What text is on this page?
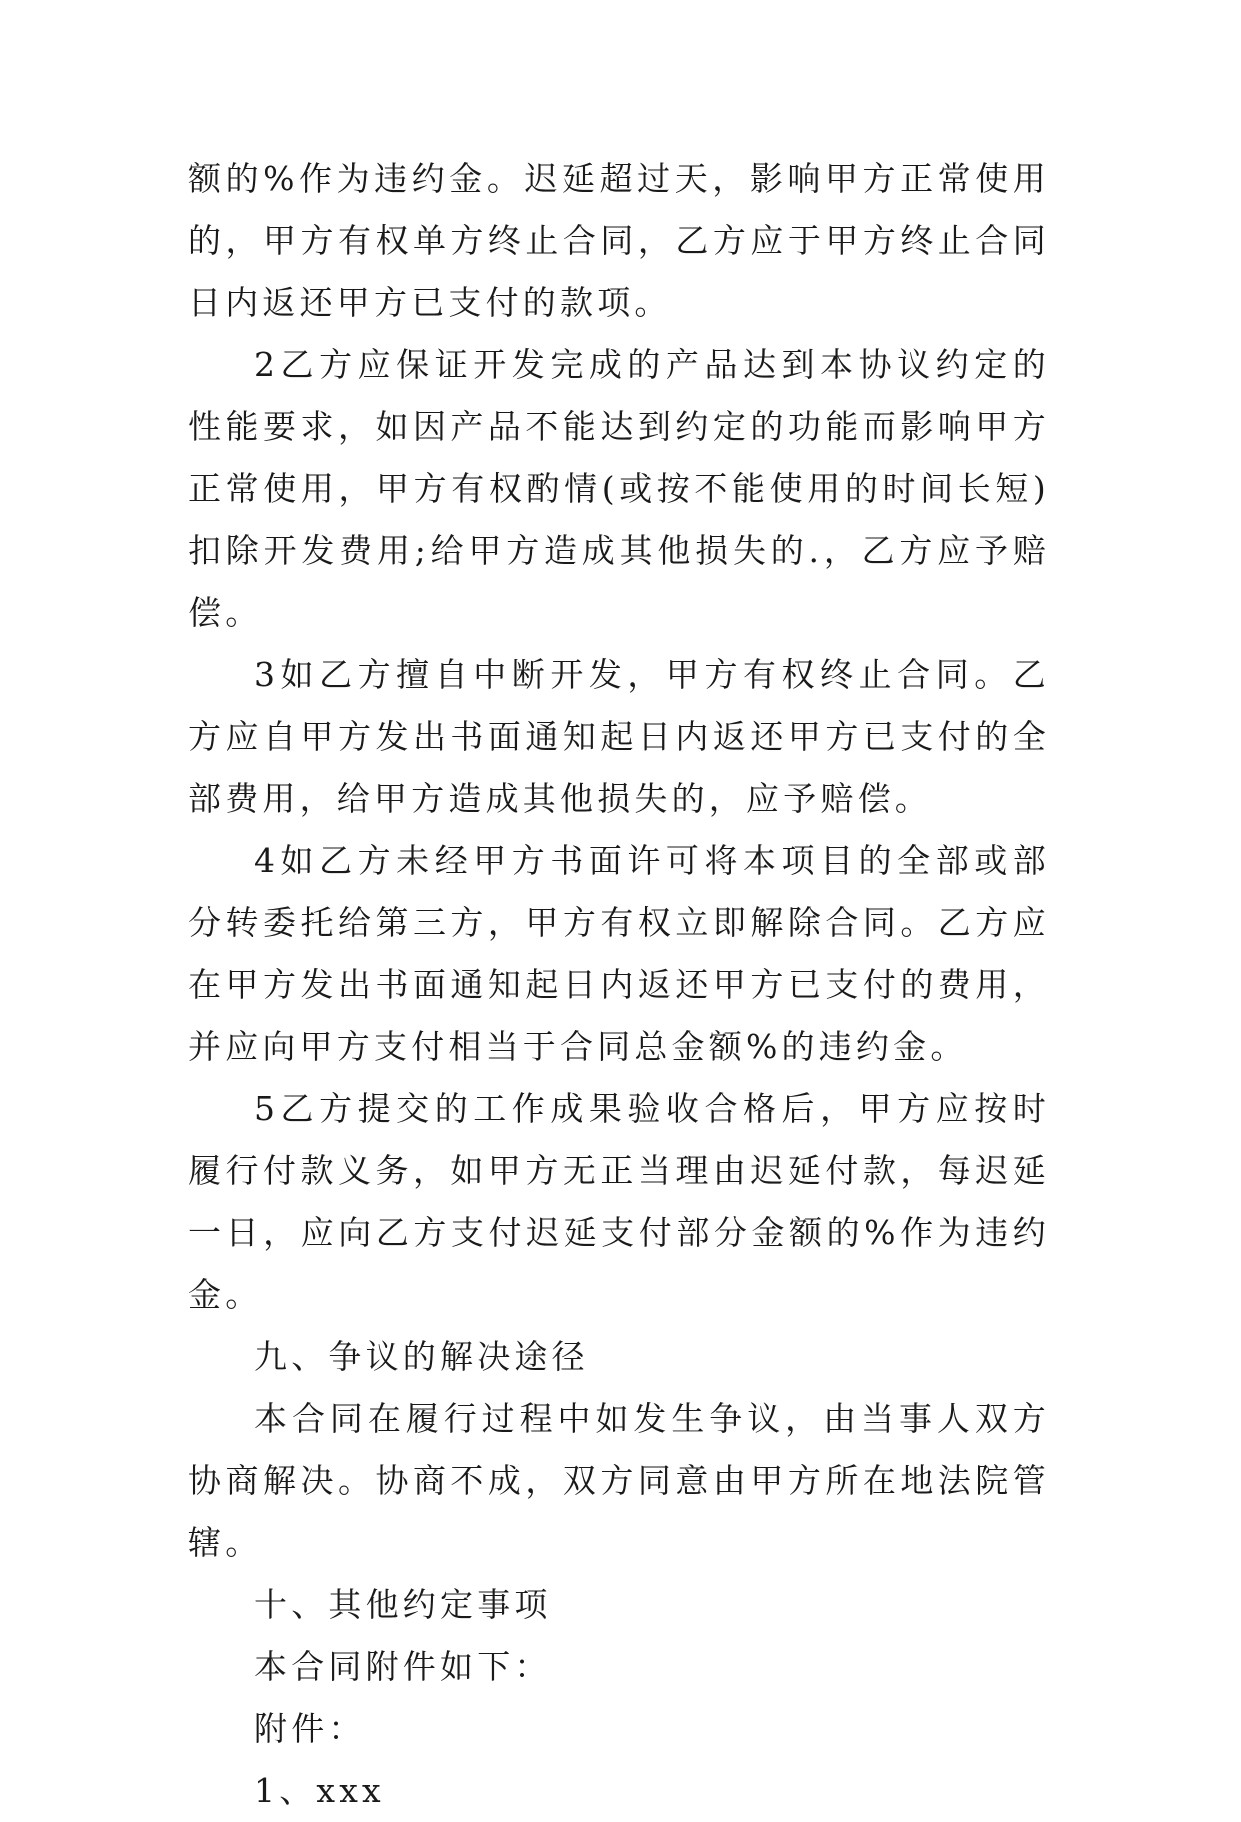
额的%作为违约金。迟延超过天，影响甲方正常使用的，甲方有权单方终止合同，乙方应于甲方终止合同日内返还甲方已支付的款项。

2乙方应保证开发完成的产品达到本协议约定的性能要求，如因产品不能达到约定的功能而影响甲方正常使用，甲方有权酌情(或按不能使用的时间长短)扣除开发费用;给甲方造成其他损失的.，乙方应予赔偿。

3如乙方擅自中断开发，甲方有权终止合同。乙方应自甲方发出书面通知起日内返还甲方已支付的全部费用，给甲方造成其他损失的，应予赔偿。

4如乙方未经甲方书面许可将本项目的全部或部分转委托给第三方，甲方有权立即解除合同。乙方应在甲方发出书面通知起日内返还甲方已支付的费用，并应向甲方支付相当于合同总金额%的违约金。

5乙方提交的工作成果验收合格后，甲方应按时履行付款义务，如甲方无正当理由迟延付款，每迟延一日，应向乙方支付迟延支付部分金额的%作为违约金。

九、争议的解决途径

本合同在履行过程中如发生争议，由当事人双方协商解决。协商不成，双方同意由甲方所在地法院管辖。

十、其他约定事项

本合同附件如下：

附件：

1、xxx
